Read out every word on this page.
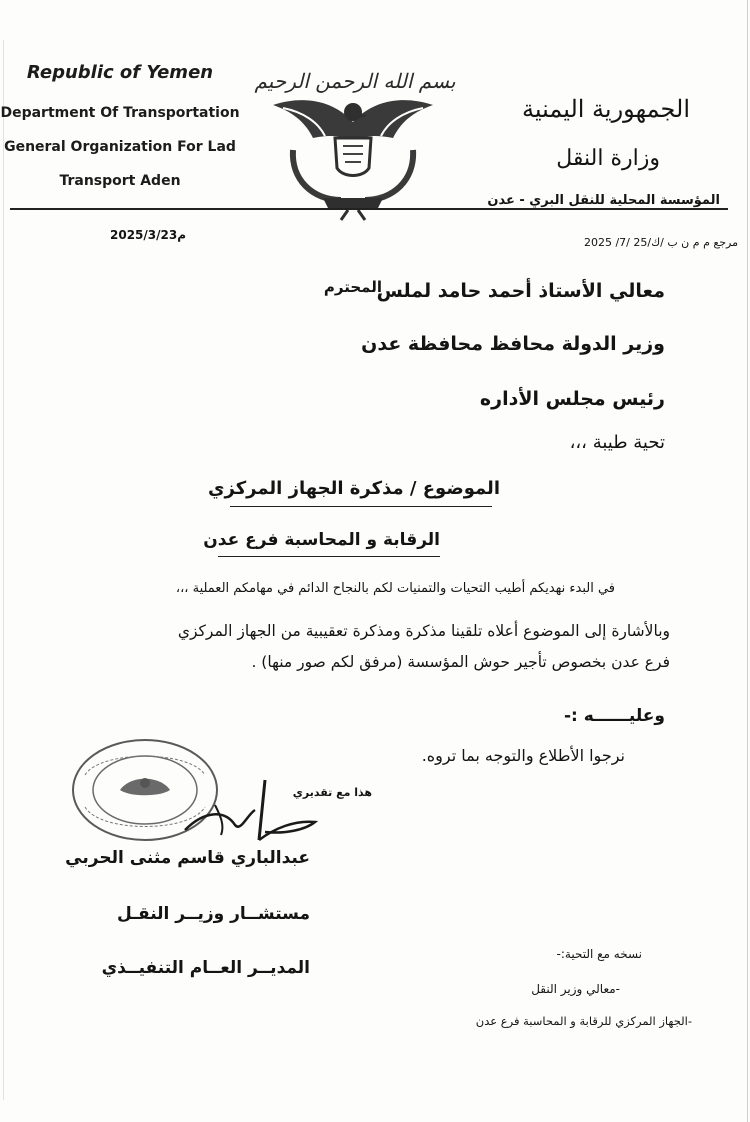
Republic of Yemen
Department Of Transportation
General Organization For Lad
Transport Aden
بسم الله الرحمن الرحيم
الجمهورية اليمنية
وزارة النقل
المؤسسة المحلية للنقل البري - عدن
2025/3/23م
مرجع م م ن ب /ك/25 /7/ 2025
معالي الأستاذ أحمد حامد لملس
المحترم
وزير الدولة محافظ محافظة عدن
رئيس مجلس الأداره
تحية طيبة ،،،
الموضوع / مذكرة الجهاز المركزي
الرقابة و المحاسبة فرع عدن
في البدء نهديكم أطيب التحيات والتمنيات لكم بالنجاح الدائم في مهامكم العملية ،،،
وبالأشارة إلى الموضوع أعلاه تلقينا مذكرة ومذكرة تعقيبية من الجهاز المركزي
فرع عدن بخصوص تأجير حوش المؤسسة (مرفق لكم صور منها) .
وعليــــــه :-
نرجوا الأطلاع والتوجه بما تروه.
هذا مع تقديري
عبدالباري قاسم مثنى الحربي
مستشــار وزيــر النقـل
المديــر العــام التنفيــذي
نسخه مع التحية:-
-معالي وزير النقل
-الجهاز المركزي للرقابة و المحاسبة فرع عدن
